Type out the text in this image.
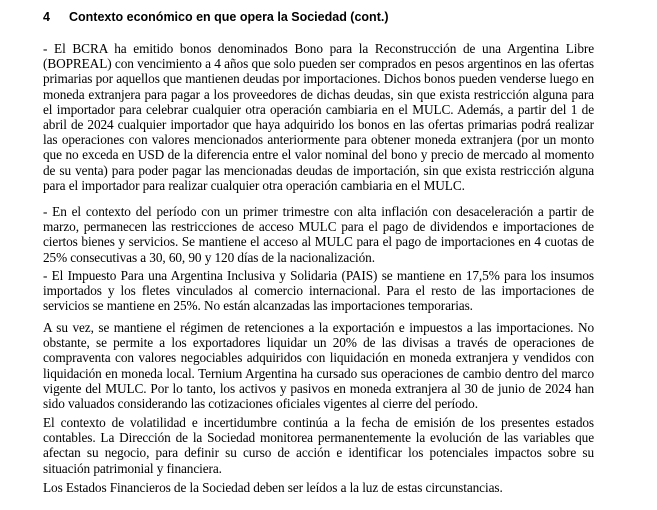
4 Contexto económico en que opera la Sociedad (cont.)

- El BCRA ha emitido bonos denominados Bono para la Reconstrucción de una Argentina Libre (BOPREAL) con vencimiento a 4 años que solo pueden ser comprados en pesos argentinos en las ofertas primarias por aquellos que mantienen deudas por importaciones. Dichos bonos pueden venderse luego en moneda extranjera para pagar a los proveedores de dichas deudas, sin que exista restricción alguna para el importador para celebrar cualquier otra operación cambiaria en el MULC. Además, a partir del 1 de abril de 2024 cualquier importador que haya adquirido los bonos en las ofertas primarias podrá realizar las operaciones con valores mencionados anteriormente para obtener moneda extranjera (por un monto que no exceda en USD de la diferencia entre el valor nominal del bono y precio de mercado al momento de su venta) para poder pagar las mencionadas deudas de importación, sin que exista restricción alguna para el importador para realizar cualquier otra operación cambiaria en el MULC.

- En el contexto del período con un primer trimestre con alta inflación con desaceleración a partir de marzo, permanecen las restricciones de acceso MULC para el pago de dividendos e importaciones de ciertos bienes y servicios. Se mantiene el acceso al MULC para el pago de importaciones en 4 cuotas de 25% consecutivas a 30, 60, 90 y 120 días de la nacionalización.

- El Impuesto Para una Argentina Inclusiva y Solidaria (PAIS) se mantiene en 17,5% para los insumos importados y los fletes vinculados al comercio internacional. Para el resto de las importaciones de servicios se mantiene en 25%. No están alcanzadas las importaciones temporarias.

A su vez, se mantiene el régimen de retenciones a la exportación e impuestos a las importaciones. No obstante, se permite a los exportadores liquidar un 20% de las divisas a través de operaciones de compraventa con valores negociables adquiridos con liquidación en moneda extranjera y vendidos con liquidación en moneda local. Ternium Argentina ha cursado sus operaciones de cambio dentro del marco vigente del MULC. Por lo tanto, los activos y pasivos en moneda extranjera al 30 de junio de 2024 han sido valuados considerando las cotizaciones oficiales vigentes al cierre del período.

El contexto de volatilidad e incertidumbre continúa a la fecha de emisión de los presentes estados contables. La Dirección de la Sociedad monitorea permanentemente la evolución de las variables que afectan su negocio, para definir su curso de acción e identificar los potenciales impactos sobre su situación patrimonial y financiera.

Los Estados Financieros de la Sociedad deben ser leídos a la luz de estas circunstancias.
